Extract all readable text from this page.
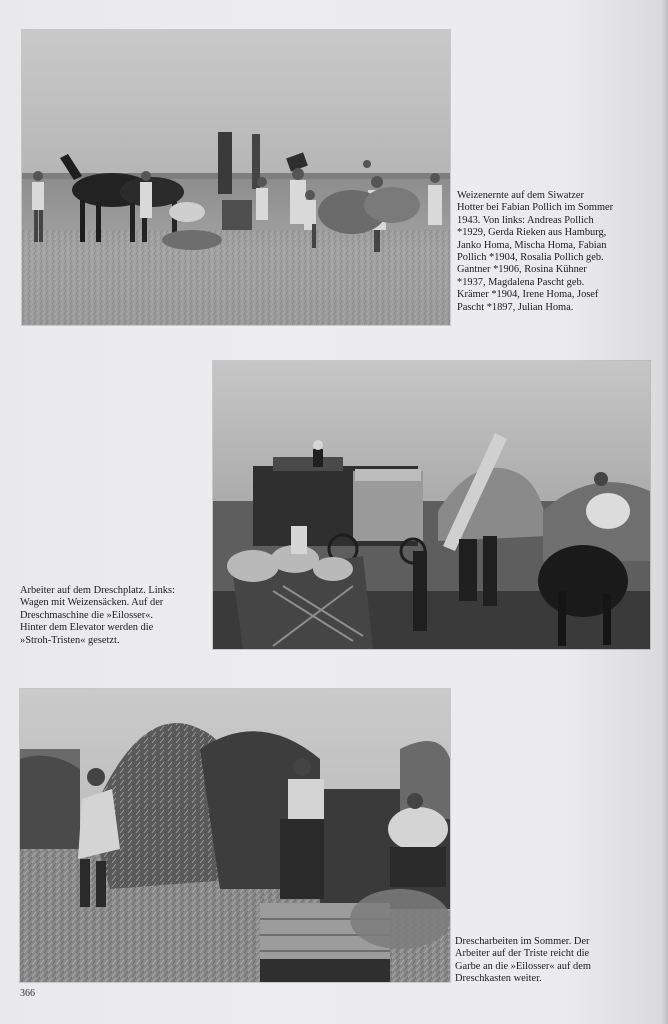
Weizenernte auf dem Siwatzer
Hotter bei Fabian Pollich im Sommer
1943. Von links: Andreas Pollich
*1929, Gerda Rieken aus Hamburg,
Janko Homa, Mischa Homa, Fabian
Pollich *1904, Rosalia Pollich geb.
Gantner *1906, Rosina Kühner
*1937, Magdalena Pascht geb.
Krämer *1904, Irene Homa, Josef
Pascht *1897, Julian Homa.

Arbeiter auf dem Dreschplatz. Links:
Wagen mit Weizensäcken. Auf der
Dreschmaschine die »Eilosser«.
Hinter dem Elevator werden die
»Stroh-Tristen« gesetzt.

Drescharbeiten im Sommer. Der
Arbeiter auf der Triste reicht die
Garbe an die »Eilosser« auf dem
Dreschkasten weiter.

366
